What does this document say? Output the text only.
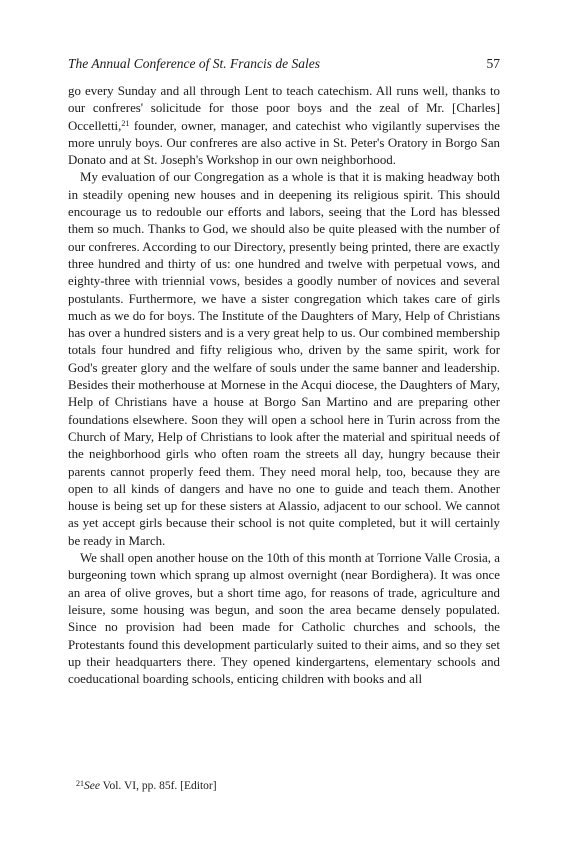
The Annual Conference of St. Francis de Sales	57

go every Sunday and all through Lent to teach catechism. All runs well, thanks to our confreres' solicitude for those poor boys and the zeal of Mr. [Charles] Occelletti,$^{21}$ founder, owner, manager, and catechist who vigilantly supervises the more unruly boys. Our confreres are also active in St. Peter's Oratory in Borgo San Donato and at St. Joseph's Workshop in our own neighborhood.

My evaluation of our Congregation as a whole is that it is making headway both in steadily opening new houses and in deepening its religious spirit. This should encourage us to redouble our efforts and labors, seeing that the Lord has blessed them so much. Thanks to God, we should also be quite pleased with the number of our confreres. According to our Directory, presently being printed, there are exactly three hundred and thirty of us: one hundred and twelve with perpetual vows, and eighty-three with triennial vows, besides a goodly number of novices and several postulants. Furthermore, we have a sister congregation which takes care of girls much as we do for boys. The Institute of the Daughters of Mary, Help of Christians has over a hundred sisters and is a very great help to us. Our combined membership totals four hundred and fifty religious who, driven by the same spirit, work for God's greater glory and the welfare of souls under the same banner and leadership. Besides their motherhouse at Mornese in the Acqui diocese, the Daughters of Mary, Help of Christians have a house at Borgo San Martino and are preparing other foundations elsewhere. Soon they will open a school here in Turin across from the Church of Mary, Help of Christians to look after the material and spiritual needs of the neighborhood girls who often roam the streets all day, hungry because their parents cannot properly feed them. They need moral help, too, because they are open to all kinds of dangers and have no one to guide and teach them. Another house is being set up for these sisters at Alassio, adjacent to our school. We cannot as yet accept girls because their school is not quite completed, but it will certainly be ready in March.

We shall open another house on the 10th of this month at Torrione Valle Crosia, a burgeoning town which sprang up almost overnight (near Bordighera). It was once an area of olive groves, but a short time ago, for reasons of trade, agriculture and leisure, some housing was begun, and soon the area became densely populated. Since no provision had been made for Catholic churches and schools, the Protestants found this development particularly suited to their aims, and so they set up their headquarters there. They opened kindergartens, elementary schools and coeducational boarding schools, enticing children with books and all

$^{21}$See Vol. VI, pp. 85f. [Editor]
